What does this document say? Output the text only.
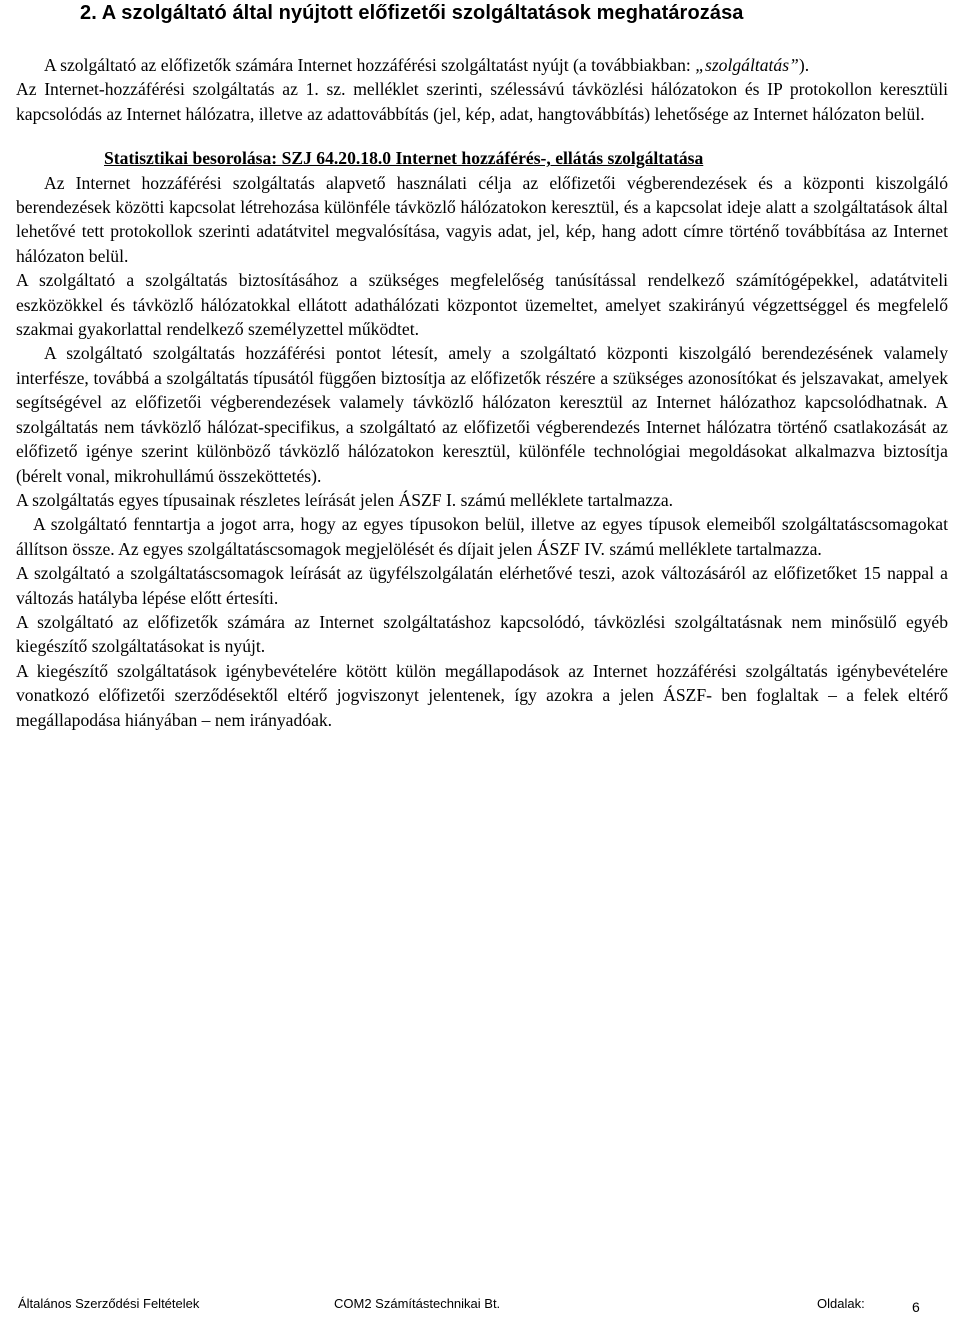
2. A szolgáltató által nyújtott előfizetői szolgáltatások meghatározása

A szolgáltató az előfizetők számára Internet hozzáférési szolgáltatást nyújt (a továbbiakban: „szolgáltatás”).

Az Internet-hozzáférési szolgáltatás az 1. sz. melléklet szerinti, szélessávú távközlési hálózatokon és IP protokollon keresztüli kapcsolódás az Internet hálózatra, illetve az adattovábbítás (jel, kép, adat, hangtovábbítás) lehetősége az Internet hálózaton belül.

Statisztikai besorolása: SZJ 64.20.18.0 Internet hozzáférés-, ellátás szolgáltatása

Az Internet hozzáférési szolgáltatás alapvető használati célja az előfizetői végberendezések és a központi kiszolgáló berendezések közötti kapcsolat létrehozása különféle távközlő hálózatokon keresztül, és a kapcsolat ideje alatt a szolgáltatások által lehetővé tett protokollok szerinti adatátvitel megvalósítása, vagyis adat, jel, kép, hang adott címre történő továbbítása az Internet hálózaton belül.

A szolgáltató a szolgáltatás biztosításához a szükséges megfelelőség tanúsítással rendelkező számítógépekkel, adatátviteli eszközökkel és távközlő hálózatokkal ellátott adathálózati központot üzemeltet, amelyet szakirányú végzettséggel és megfelelő szakmai gyakorlattal rendelkező személyzettel működtet.

A szolgáltató szolgáltatás hozzáférési pontot létesít, amely a szolgáltató központi kiszolgáló berendezésének valamely interfésze, továbbá a szolgáltatás típusától függően biztosítja az előfizetők részére a szükséges azonosítókat és jelszavakat, amelyek segítségével az előfizetői végberendezések valamely távközlő hálózaton keresztül az Internet hálózathoz kapcsolódhatnak. A szolgáltatás nem távközlő hálózat-specifikus, a szolgáltató az előfizetői végberendezés Internet hálózatra történő csatlakozását az előfizető igénye szerint különböző távközlő hálózatokon keresztül, különféle technológiai megoldásokat alkalmazva biztosítja (bérelt vonal, mikrohullámú összeköttetés).

A szolgáltatás egyes típusainak részletes leírását jelen ÁSZF I. számú melléklete tartalmazza.

A szolgáltató fenntartja a jogot arra, hogy az egyes típusokon belül, illetve az egyes típusok elemeiből szolgáltatáscsomagokat állítson össze. Az egyes szolgáltatáscsomagok megjelölését és díjait jelen ÁSZF IV. számú melléklete tartalmazza.

A szolgáltató a szolgáltatáscsomagok leírását az ügyfélszolgálatán elérhetővé teszi, azok változásáról az előfizetőket 15 nappal a változás hatályba lépése előtt értesíti.

A szolgáltató az előfizetők számára az Internet szolgáltatáshoz kapcsolódó, távközlési szolgáltatásnak nem minősülő egyéb kiegészítő szolgáltatásokat is nyújt.

A kiegészítő szolgáltatások igénybevételére kötött külön megállapodások az Internet hozzáférési szolgáltatás igénybevételére vonatkozó előfizetői szerződésektől eltérő jogviszonyt jelentenek, így azokra a jelen ÁSZF- ben foglaltak – a felek eltérő megállapodása hiányában – nem irányadóak.

Általános Szerződési Feltételek	COM2 Számítástechnikai Bt.	Oldalak:	6
